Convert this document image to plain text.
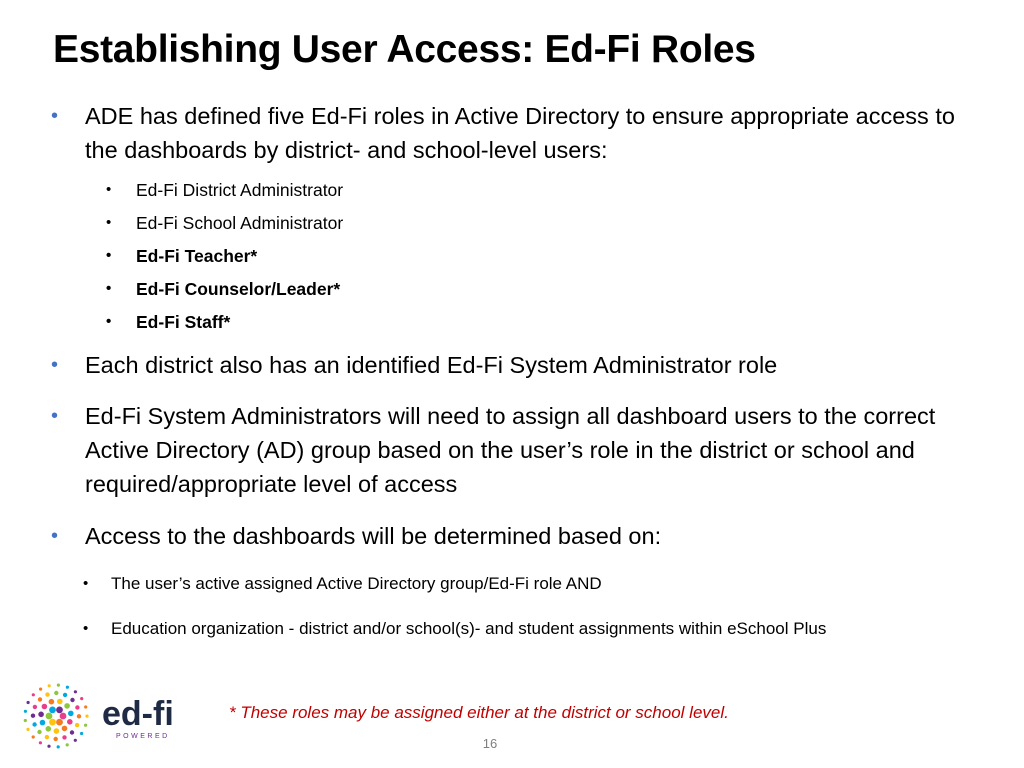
Establishing User Access: Ed-Fi Roles
• ADE has defined five Ed-Fi roles in Active Directory to ensure appropriate access to the dashboards by district- and school-level users:
• Ed-Fi District Administrator
• Ed-Fi School Administrator
• Ed-Fi Teacher*
• Ed-Fi Counselor/Leader*
• Ed-Fi Staff*
• Each district also has an identified Ed-Fi System Administrator role
• Ed-Fi System Administrators will need to assign all dashboard users to the correct Active Directory (AD) group based on the user’s role in the district or school and required/appropriate level of access
• Access to the dashboards will be determined based on:
• The user’s active assigned Active Directory group/Ed-Fi role AND
• Education organization - district and/or school(s)- and student assignments within eSchool Plus
ed-fi
POWERED

* These roles may be assigned either at the district or school level.

16
